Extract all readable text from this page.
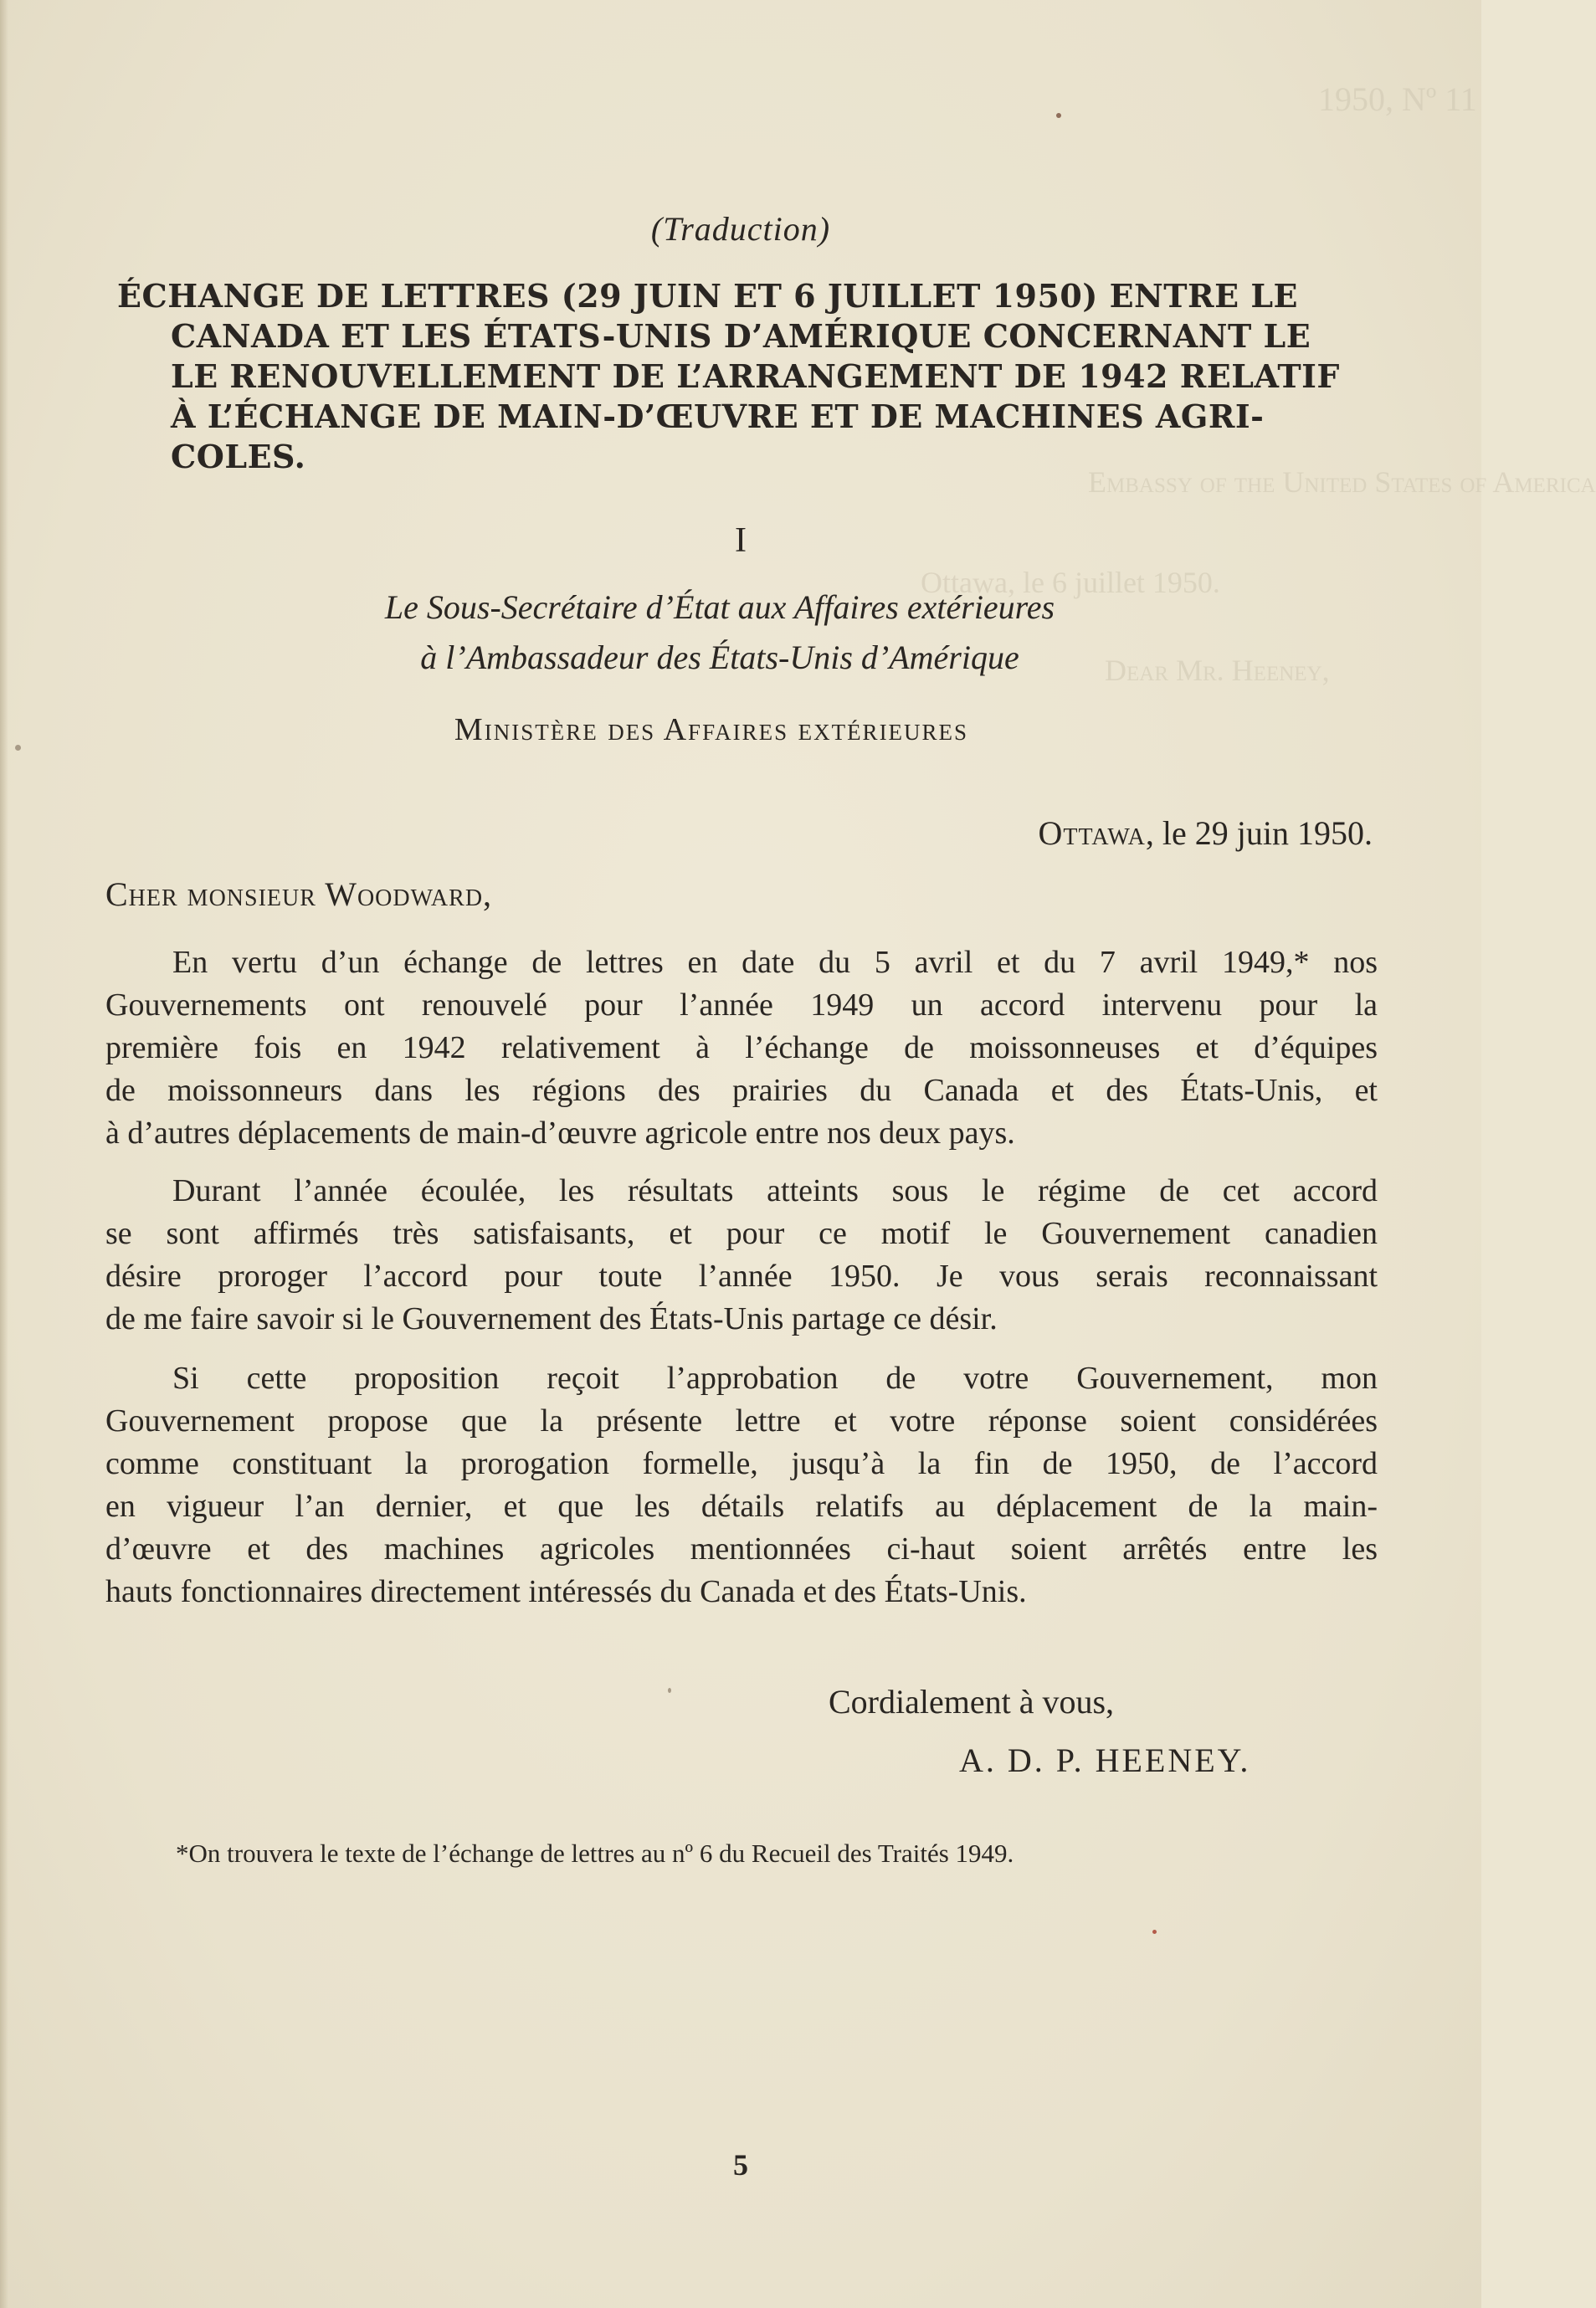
1950, Nº 11
Embassy of the United States of America
Ottawa, le 6 juillet 1950.
Dear Mr. Heeney,
(Traduction)
ÉCHANGE DE LETTRES (29 JUIN ET 6 JUILLET 1950) ENTRE LE
CANADA ET LES ÉTATS-UNIS D’AMÉRIQUE CONCERNANT LE
LE RENOUVELLEMENT DE L’ARRANGEMENT DE 1942 RELATIF
À L’ÉCHANGE DE MAIN-D’ŒUVRE ET DE MACHINES AGRI-
COLES.
I
Le Sous-Secrétaire d’État aux Affaires extérieures
à l’Ambassadeur des États-Unis d’Amérique
Ministère des Affaires extérieures
Ottawa, le 29 juin 1950.
Cher monsieur Woodward,
En vertu d’un échange de lettres en date du 5 avril et du 7 avril 1949,* nos
Gouvernements ont renouvelé pour l’année 1949 un accord intervenu pour la
première fois en 1942 relativement à l’échange de moissonneuses et d’équipes
de moissonneurs dans les régions des prairies du Canada et des États-Unis, et
à d’autres déplacements de main-d’œuvre agricole entre nos deux pays.
Durant l’année écoulée, les résultats atteints sous le régime de cet accord
se sont affirmés très satisfaisants, et pour ce motif le Gouvernement canadien
désire proroger l’accord pour toute l’année 1950. Je vous serais reconnaissant
de me faire savoir si le Gouvernement des États-Unis partage ce désir.
Si cette proposition reçoit l’approbation de votre Gouvernement, mon
Gouvernement propose que la présente lettre et votre réponse soient considérées
comme constituant la prorogation formelle, jusqu’à la fin de 1950, de l’accord
en vigueur l’an dernier, et que les détails relatifs au déplacement de la main-
d’œuvre et des machines agricoles mentionnées ci-haut soient arrêtés entre les
hauts fonctionnaires directement intéressés du Canada et des États-Unis.
Cordialement à vous,
A. D. P. HEENEY.
*On trouvera le texte de l’échange de lettres au nº 6 du Recueil des Traités 1949.
5
